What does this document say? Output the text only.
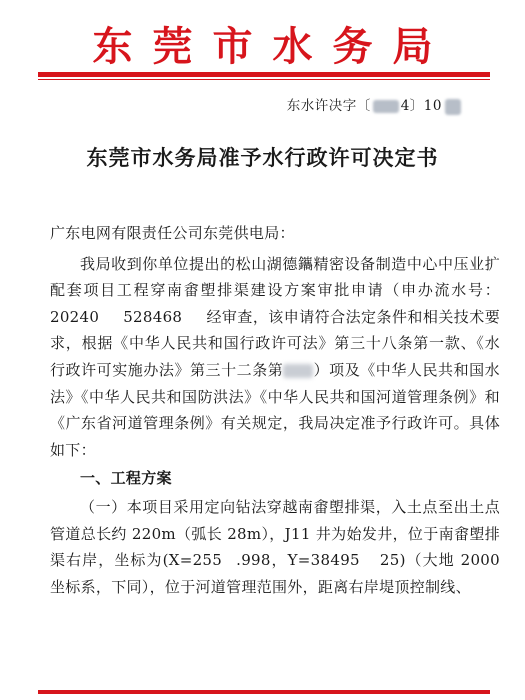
东莞市水务局
东水许决字〔 4〕10
东莞市水务局准予水行政许可决定书

广东电网有限责任公司东莞供电局：

我局收到你单位提出的松山湖德鑴精密设备制造中心中压业扩配套项目工程穿南畬塱排渠建设方案审批申请（申办流水号：20240 528468 经审查，该申请符合法定条件和相关技术要求，根据《中华人民共和国行政许可法》第三十八条第一款、《水行政许可实施办法》第三十二条第 ）项及《中华人民共和国水法》《中华人民共和国防洪法》《中华人民共和国河道管理条例》和《广东省河道管理条例》有关规定，我局决定准予行政许可。具体如下：

一、工程方案

（一）本项目采用定向钻法穿越南畬塱排渠，入土点至出土点管道总长约 220m（弧长 28m），J11 井为始发井，位于南畬塱排渠右岸，坐标为(X=255 .998，Y=38495 25)（大地 2000 坐标系，下同），位于河道管理范围外，距离右岸堤顶控制线、
